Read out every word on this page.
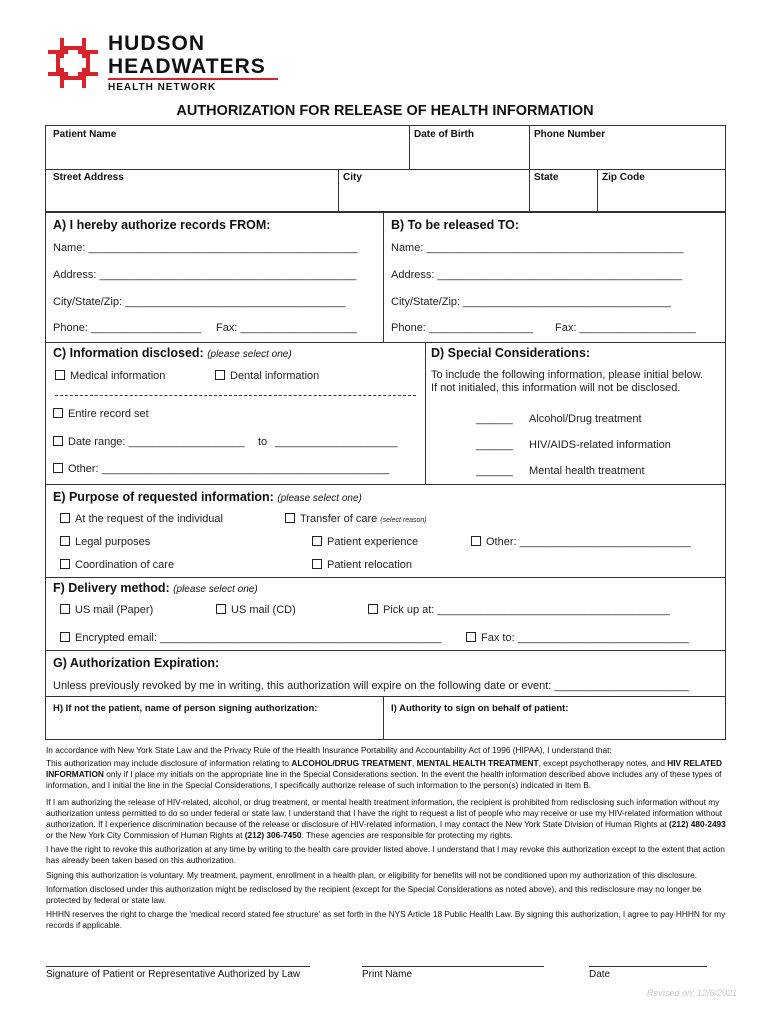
HUDSON
HEADWATERS
HEALTH NETWORK
AUTHORIZATION FOR RELEASE OF HEALTH INFORMATION
Patient Name	Date of Birth	Phone Number
Street Address	City	State	Zip Code
A) I hereby authorize records FROM:
Name: ____________________________________________
Address: __________________________________________
City/State/Zip: ____________________________________
Phone: __________________ Fax: ___________________
B) To be released TO:
Name: __________________________________________
Address: ________________________________________
City/State/Zip: __________________________________
Phone: _________________ Fax: ___________________
C) Information disclosed: (please select one)
Medical information	Dental information
Entire record set
Date range: ___________________ to ____________________
Other: _______________________________________________
D) Special Considerations:
To include the following information, please initial below.
If not initialed, this information will not be disclosed.
______ Alcohol/Drug treatment
______ HIV/AIDS-related information
______ Mental health treatment
E) Purpose of requested information: (please select one)
At the request of the individual	Transfer of care (select reason)
Legal purposes	Patient experience	Other: ____________________________
Coordination of care	Patient relocation
F) Delivery method: (please select one)
US mail (Paper)	US mail (CD)	Pick up at: ______________________________________
Encrypted email: ______________________________________________	Fax to: ____________________________
G) Authorization Expiration:
Unless previously revoked by me in writing, this authorization will expire on the following date or event: ______________________
H) If not the patient, name of person signing authorization:	I) Authority to sign on behalf of patient:
In accordance with New York State Law and the Privacy Rule of the Health Insurance Portability and Accountability Act of 1996 (HIPAA), I understand that:
This authorization may include disclosure of information relating to ALCOHOL/DRUG TREATMENT, MENTAL HEALTH TREATMENT, except psychotherapy notes, and HIV RELATED INFORMATION only if I place my initials on the appropriate line in the Special Considerations section. In the event the health information described above includes any of these types of information, and I initial the line in the Special Considerations, I specifically authorize release of such information to the person(s) indicated in Item B.
If I am authorizing the release of HIV-related, alcohol, or drug treatment, or mental health treatment information, the recipient is prohibited from redisclosing such information without my authorization unless permitted to do so under federal or state law. I understand that I have the right to request a list of people who may receive or use my HIV-related information without authorization. If I experience discrimination because of the release or disclosure of HIV-related information, I may contact the New York State Division of Human Rights at (212) 480-2493 or the New York City Commission of Human Rights at (212) 306-7450. These agencies are responsible for protecting my rights.
I have the right to revoke this authorization at any time by writing to the health care provider listed above. I understand that I may revoke this authorization except to the extent that action has already been taken based on this authorization.
Signing this authorization is voluntary. My treatment, payment, enrollment in a health plan, or eligibility for benefits will not be conditioned upon my authorization of this disclosure.
Information disclosed under this authorization might be redisclosed by the recipient (except for the Special Considerations as noted above), and this redisclosure may no longer be protected by federal or state law.
HHHN reserves the right to charge the 'medical record stated fee structure' as set forth in the NYS Article 18 Public Health Law. By signing this authorization, I agree to pay HHHN for my records if applicable.
Signature of Patient or Representative Authorized by Law	Print Name	Date
Revised on: 12/6/2021
